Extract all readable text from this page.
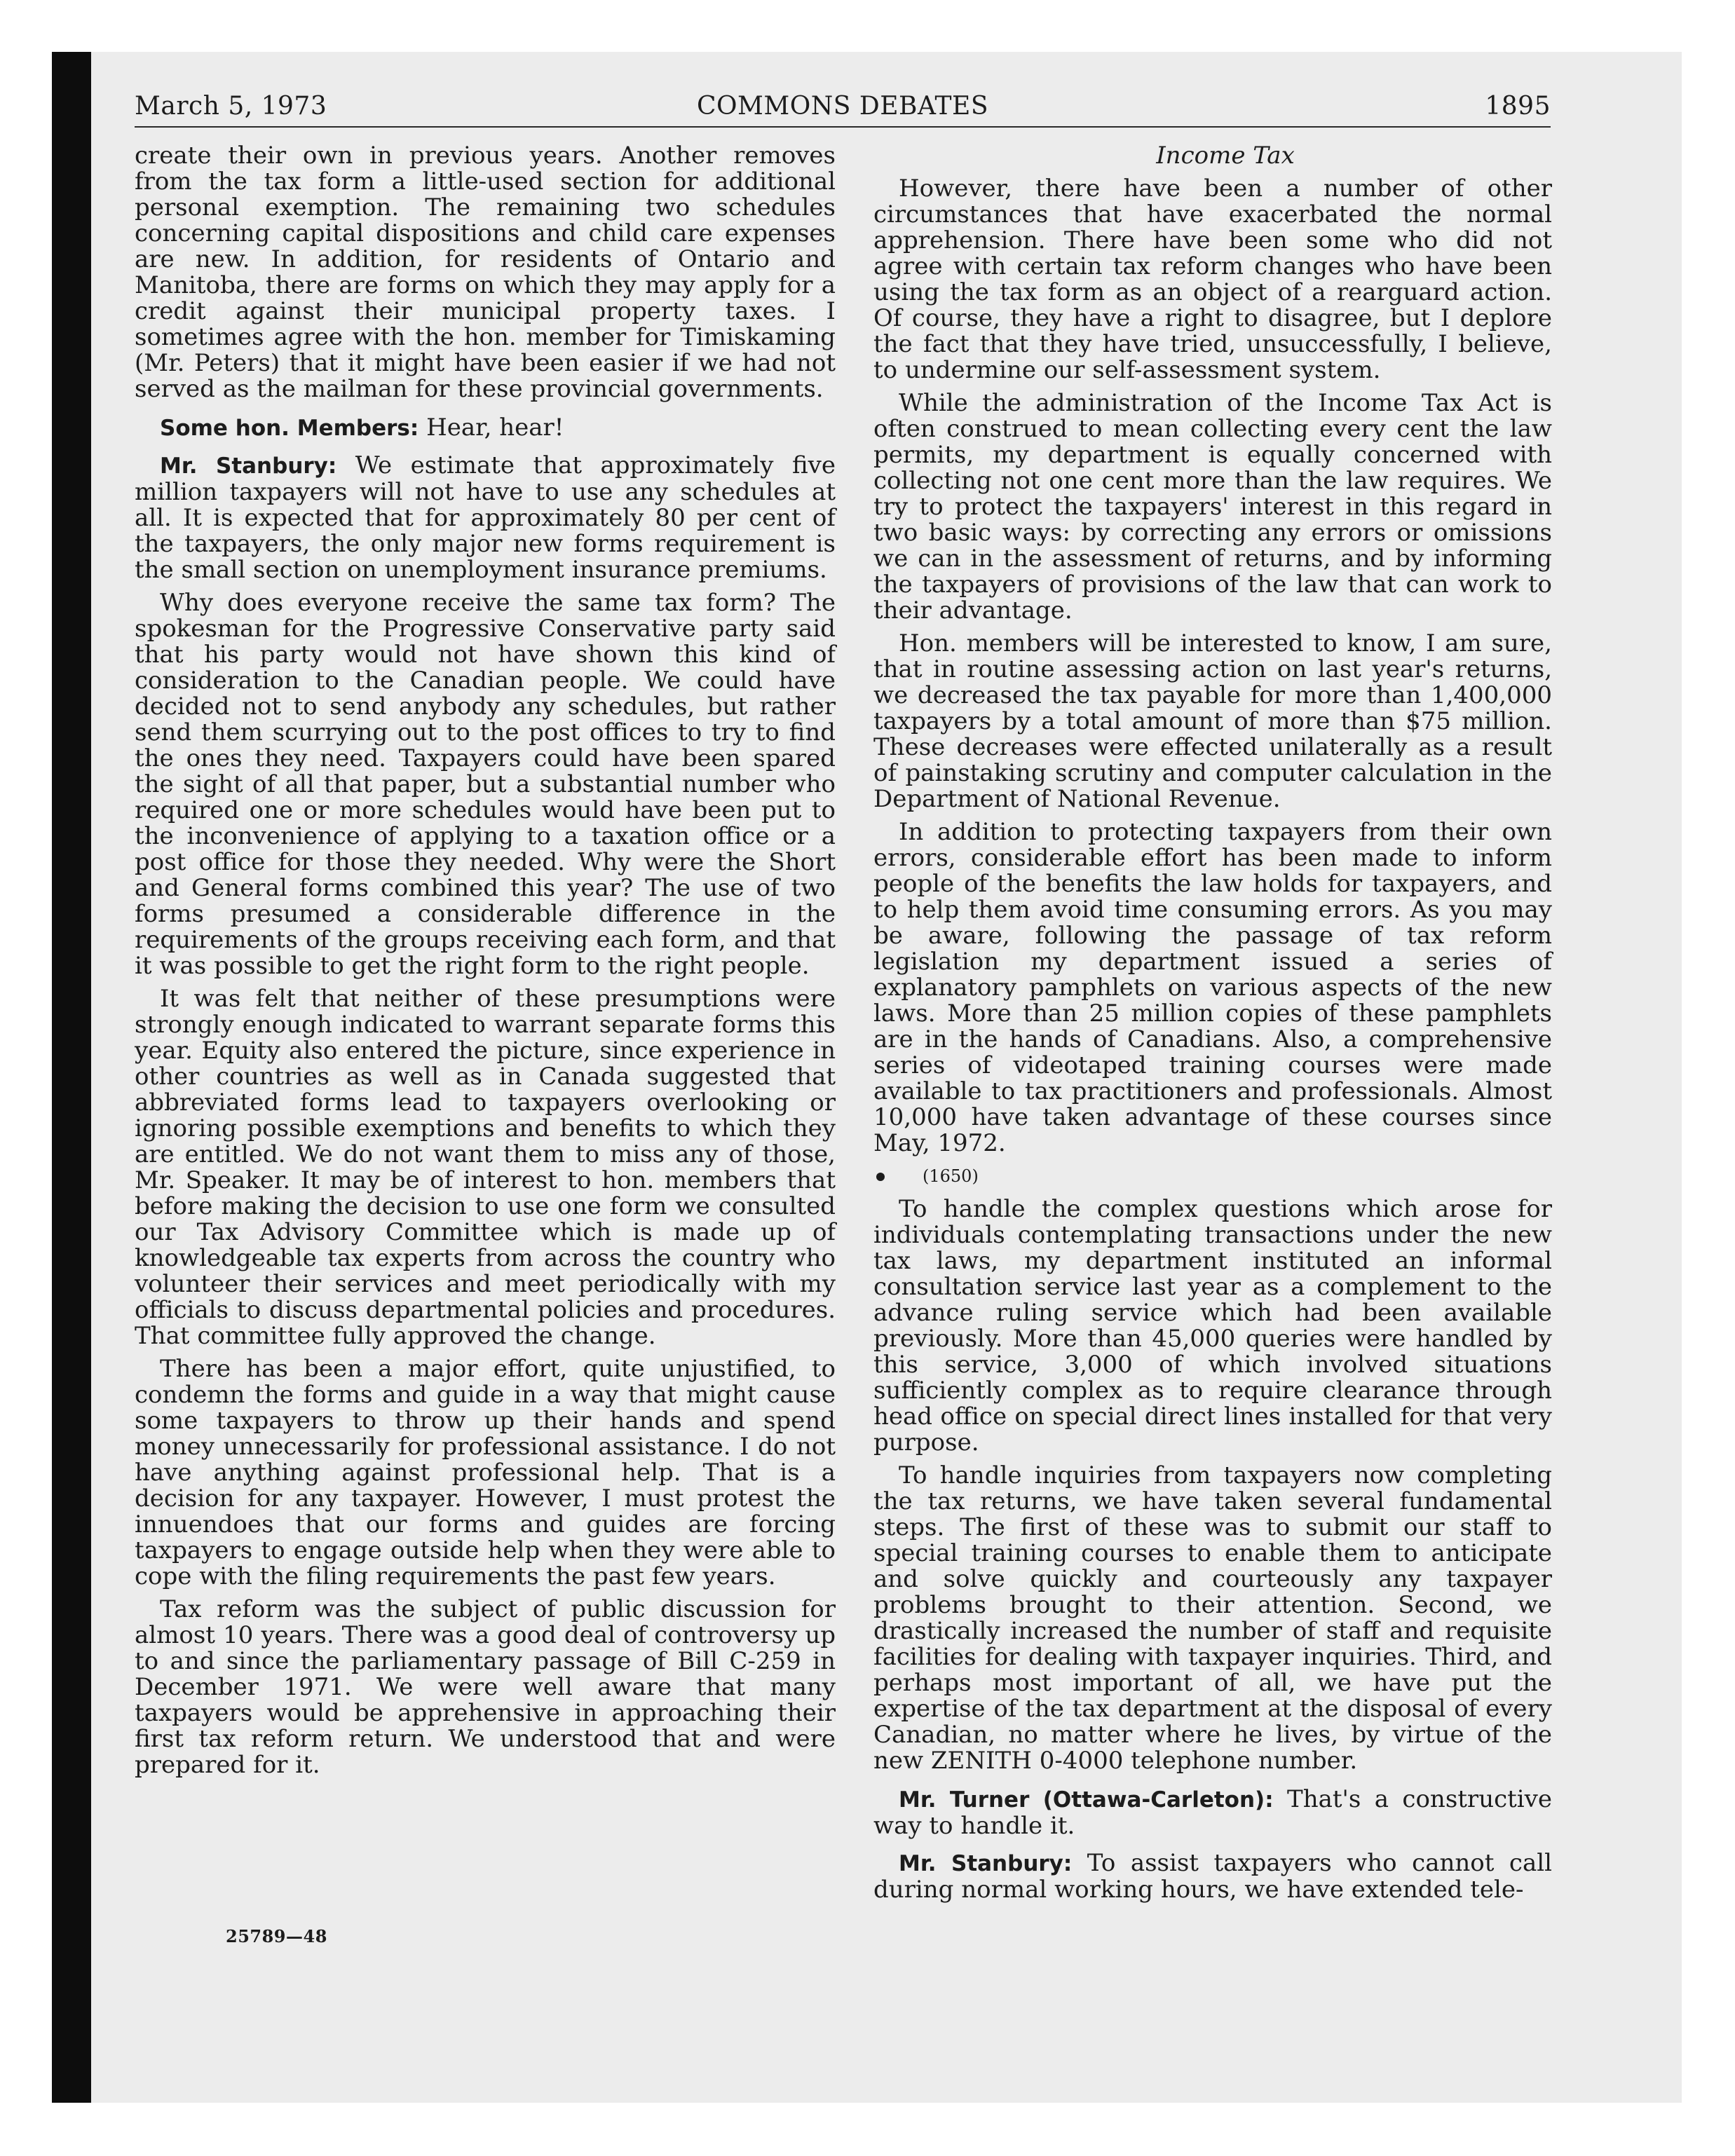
March 5, 1973	COMMONS DEBATES	1895

create their own in previous years. Another removes from the tax form a little-used section for additional personal exemption. The remaining two schedules concerning capital dispositions and child care expenses are new. In addition, for residents of Ontario and Manitoba, there are forms on which they may apply for a credit against their municipal property taxes. I sometimes agree with the hon. member for Timiskaming (Mr. Peters) that it might have been easier if we had not served as the mailman for these provincial governments.

Some hon. Members: Hear, hear!

Mr. Stanbury: We estimate that approximately five million taxpayers will not have to use any schedules at all. It is expected that for approximately 80 per cent of the taxpayers, the only major new forms requirement is the small section on unemployment insurance premiums.

Why does everyone receive the same tax form? The spokesman for the Progressive Conservative party said that his party would not have shown this kind of consideration to the Canadian people. We could have decided not to send anybody any schedules, but rather send them scurrying out to the post offices to try to find the ones they need. Taxpayers could have been spared the sight of all that paper, but a substantial number who required one or more schedules would have been put to the inconvenience of applying to a taxation office or a post office for those they needed. Why were the Short and General forms combined this year? The use of two forms presumed a considerable difference in the requirements of the groups receiving each form, and that it was possible to get the right form to the right people.

It was felt that neither of these presumptions were strongly enough indicated to warrant separate forms this year. Equity also entered the picture, since experience in other countries as well as in Canada suggested that abbreviated forms lead to taxpayers overlooking or ignoring possible exemptions and benefits to which they are entitled. We do not want them to miss any of those, Mr. Speaker. It may be of interest to hon. members that before making the decision to use one form we consulted our Tax Advisory Committee which is made up of knowledgeable tax experts from across the country who volunteer their services and meet periodically with my officials to discuss departmental policies and procedures. That committee fully approved the change.

There has been a major effort, quite unjustified, to condemn the forms and guide in a way that might cause some taxpayers to throw up their hands and spend money unnecessarily for professional assistance. I do not have anything against professional help. That is a decision for any taxpayer. However, I must protest the innuendoes that our forms and guides are forcing taxpayers to engage outside help when they were able to cope with the filing requirements the past few years.

Tax reform was the subject of public discussion for almost 10 years. There was a good deal of controversy up to and since the parliamentary passage of Bill C-259 in December 1971. We were well aware that many taxpayers would be apprehensive in approaching their first tax reform return. We understood that and were prepared for it.

Income Tax

However, there have been a number of other circumstances that have exacerbated the normal apprehension. There have been some who did not agree with certain tax reform changes who have been using the tax form as an object of a rearguard action. Of course, they have a right to disagree, but I deplore the fact that they have tried, unsuccessfully, I believe, to undermine our self-assessment system.

While the administration of the Income Tax Act is often construed to mean collecting every cent the law permits, my department is equally concerned with collecting not one cent more than the law requires. We try to protect the taxpayers' interest in this regard in two basic ways: by correcting any errors or omissions we can in the assessment of returns, and by informing the taxpayers of provisions of the law that can work to their advantage.

Hon. members will be interested to know, I am sure, that in routine assessing action on last year's returns, we decreased the tax payable for more than 1,400,000 taxpayers by a total amount of more than $75 million. These decreases were effected unilaterally as a result of painstaking scrutiny and computer calculation in the Department of National Revenue.

In addition to protecting taxpayers from their own errors, considerable effort has been made to inform people of the benefits the law holds for taxpayers, and to help them avoid time consuming errors. As you may be aware, following the passage of tax reform legislation my department issued a series of explanatory pamphlets on various aspects of the new laws. More than 25 million copies of these pamphlets are in the hands of Canadians. Also, a comprehensive series of videotaped training courses were made available to tax practitioners and professionals. Almost 10,000 have taken advantage of these courses since May, 1972.

(1650)

To handle the complex questions which arose for individuals contemplating transactions under the new tax laws, my department instituted an informal consultation service last year as a complement to the advance ruling service which had been available previously. More than 45,000 queries were handled by this service, 3,000 of which involved situations sufficiently complex as to require clearance through head office on special direct lines installed for that very purpose.

To handle inquiries from taxpayers now completing the tax returns, we have taken several fundamental steps. The first of these was to submit our staff to special training courses to enable them to anticipate and solve quickly and courteously any taxpayer problems brought to their attention. Second, we drastically increased the number of staff and requisite facilities for dealing with taxpayer inquiries. Third, and perhaps most important of all, we have put the expertise of the tax department at the disposal of every Canadian, no matter where he lives, by virtue of the new ZENITH 0-4000 telephone number.

Mr. Turner (Ottawa-Carleton): That's a constructive way to handle it.

Mr. Stanbury: To assist taxpayers who cannot call during normal working hours, we have extended tele-

25789—48
